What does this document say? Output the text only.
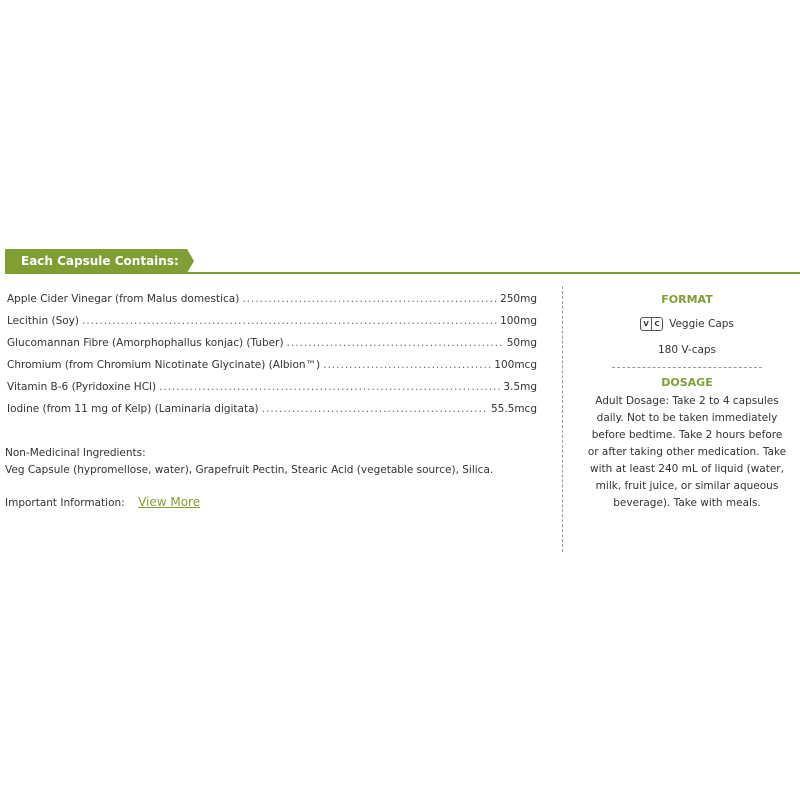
Each Capsule Contains:
Apple Cider Vinegar (from Malus domestica) .....	250mg
Lecithin (Soy) .....	100mg
Glucomannan Fibre (Amorphophallus konjac) (Tuber) .....	50mg
Chromium (from Chromium Nicotinate Glycinate) (Albion™) .....	100mcg
Vitamin B-6 (Pyridoxine HCl) .....	3.5mg
Iodine (from 11 mg of Kelp) (Laminaria digitata) .....	55.5mcg
Non-Medicinal Ingredients:
Veg Capsule (hypromellose, water), Grapefruit Pectin, Stearic Acid (vegetable source), Silica.
Important Information: View More
FORMAT
V C Veggie Caps
180 V-caps
DOSAGE
Adult Dosage: Take 2 to 4 capsules daily. Not to be taken immediately before bedtime. Take 2 hours before or after taking other medication. Take with at least 240 mL of liquid (water, milk, fruit juice, or similar aqueous beverage). Take with meals.
